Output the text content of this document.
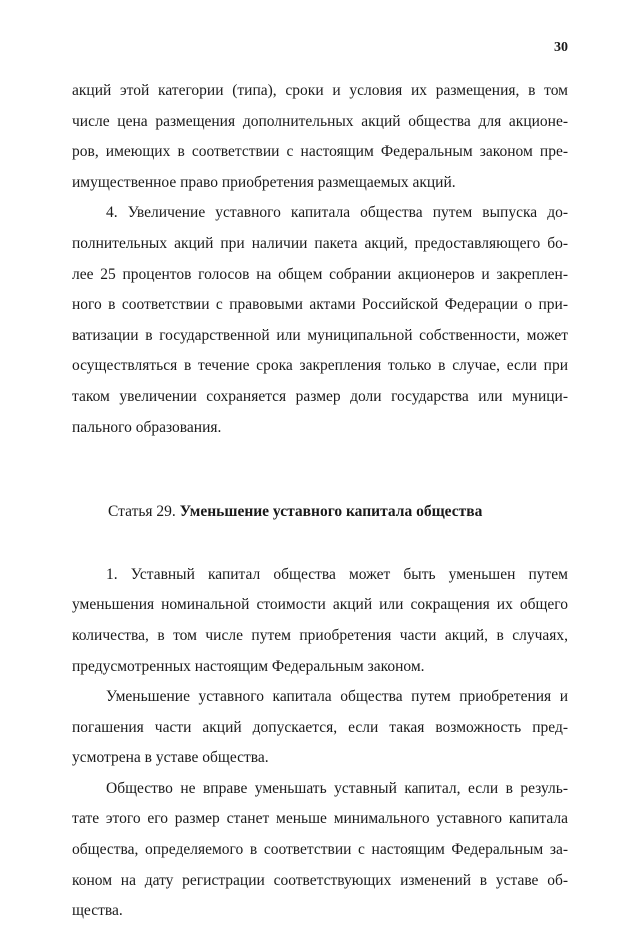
30
акций этой категории (типа), сроки и условия их размещения, в том
числе цена размещения дополнительных акций общества для акционе-
ров, имеющих в соответствии с настоящим Федеральным законом пре-
имущественное право приобретения размещаемых акций.
4. Увеличение уставного капитала общества путем выпуска до-
полнительных акций при наличии пакета акций, предоставляющего бо-
лее 25 процентов голосов на общем собрании акционеров и закреплен-
ного в соответствии с правовыми актами Российской Федерации о при-
ватизации в государственной или муниципальной собственности, может
осуществляться в течение срока закрепления только в случае, если при
таком увеличении сохраняется размер доли государства или муници-
пального образования.
Статья 29. Уменьшение уставного капитала общества
1. Уставный капитал общества может быть уменьшен путем
уменьшения номинальной стоимости акций или сокращения их общего
количества, в том числе путем приобретения части акций, в случаях,
предусмотренных настоящим Федеральным законом.
Уменьшение уставного капитала общества путем приобретения и
погашения части акций допускается, если такая возможность пред-
усмотрена в уставе общества.
Общество не вправе уменьшать уставный капитал, если в резуль-
тате этого его размер станет меньше минимального уставного капитала
общества, определяемого в соответствии с настоящим Федеральным за-
коном на дату регистрации соответствующих изменений в уставе об-
щества.
